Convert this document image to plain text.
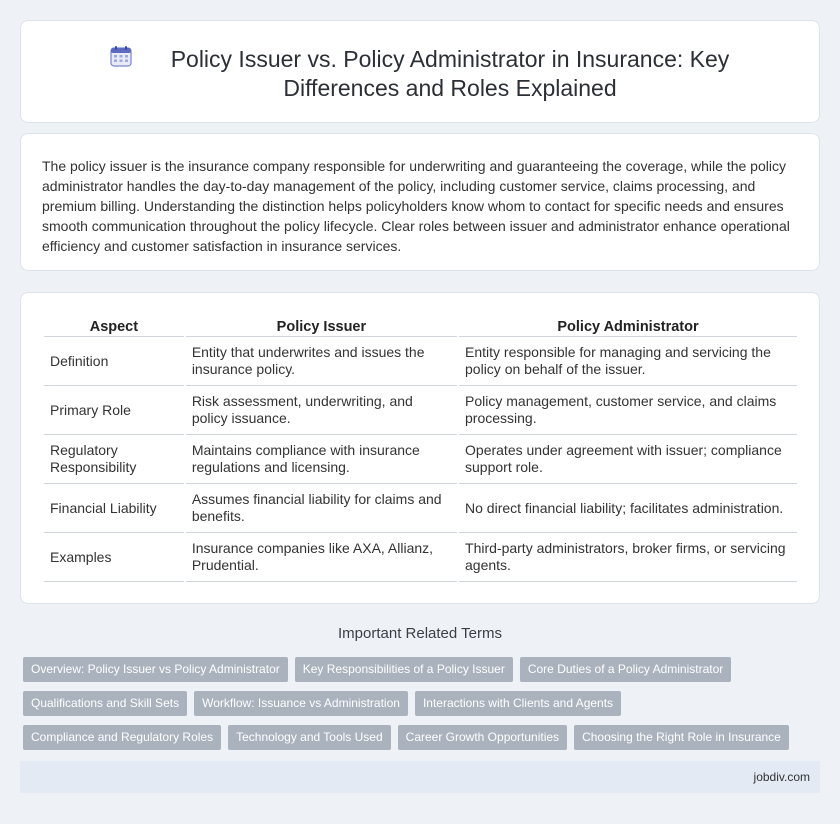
Policy Issuer vs. Policy Administrator in Insurance: Key Differences and Roles Explained

The policy issuer is the insurance company responsible for underwriting and guaranteeing the coverage, while the policy administrator handles the day-to-day management of the policy, including customer service, claims processing, and premium billing. Understanding the distinction helps policyholders know whom to contact for specific needs and ensures smooth communication throughout the policy lifecycle. Clear roles between issuer and administrator enhance operational efficiency and customer satisfaction in insurance services.

Aspect	Policy Issuer	Policy Administrator
Definition	Entity that underwrites and issues the insurance policy.	Entity responsible for managing and servicing the policy on behalf of the issuer.
Primary Role	Risk assessment, underwriting, and policy issuance.	Policy management, customer service, and claims processing.
Regulatory Responsibility	Maintains compliance with insurance regulations and licensing.	Operates under agreement with issuer; compliance support role.
Financial Liability	Assumes financial liability for claims and benefits.	No direct financial liability; facilitates administration.
Examples	Insurance companies like AXA, Allianz, Prudential.	Third-party administrators, broker firms, or servicing agents.
Important Related Terms
Overview: Policy Issuer vs Policy Administrator	Key Responsibilities of a Policy Issuer	Core Duties of a Policy Administrator
Qualifications and Skill Sets	Workflow: Issuance vs Administration	Interactions with Clients and Agents
Compliance and Regulatory Roles	Technology and Tools Used	Career Growth Opportunities	Choosing the Right Role in Insurance
jobdiv.com
